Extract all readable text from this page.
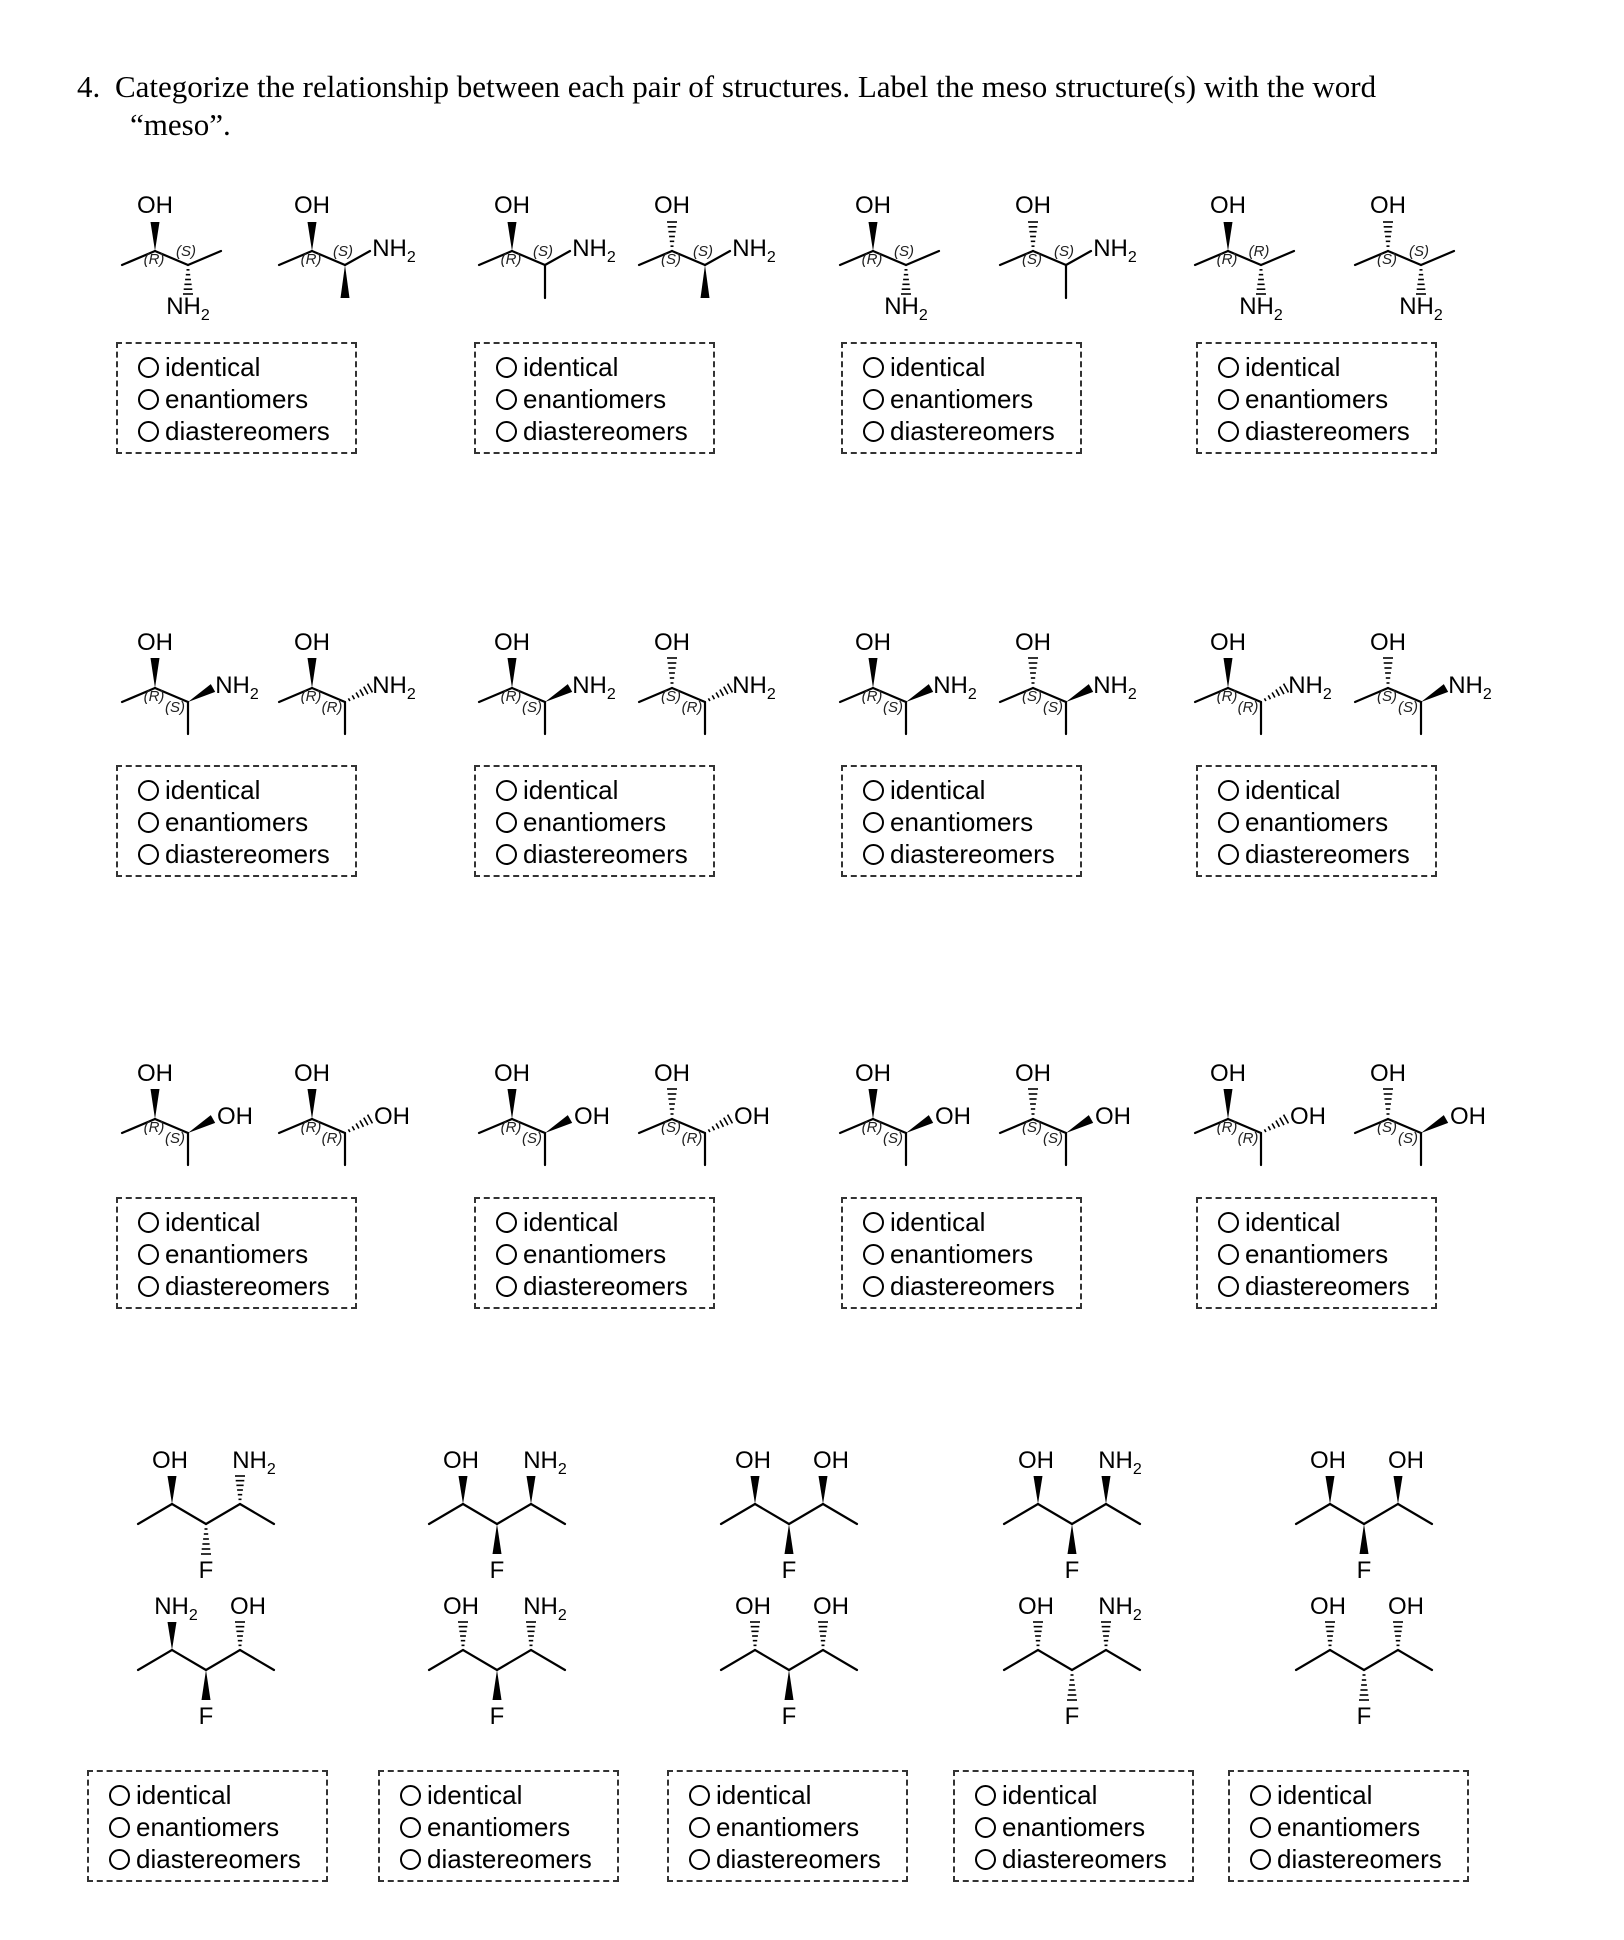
4. Categorize the relationship between each pair of structures. Label the meso structure(s) with the word
“meso”.
OH
(R) (S)
$NH_2$
OH
(R) (S) $NH_2$
OH
(R) (S) $NH_2$
OH
(S) (S) $NH_2$
OH
(R) (S)
$NH_2$
OH
(S) (S) $NH_2$
OH
(R) (R)
$NH_2$
OH
(S) (S)
$NH_2$
OH
(R)
(S)
$NH_2$
OH
(R)
(R)
$NH_2$
OH
(R)
(S)
$NH_2$
OH
(S)
(R)
$NH_2$
OH
(R)
(S)
$NH_2$
OH
(S)
(S)
$NH_2$
OH
(R)
(R)
$NH_2$
OH
(S)
(S)
$NH_2$
OH
(R)
(S)
OH
OH
(R)
(R)
OH
OH
(R)
(S)
OH
OH
(S)
(R)
OH
OH
(R)
(S)
OH
OH
(S)
(S)
OH
OH
(R)
(R)
OH
OH
(S)
(S)
OH
OH $NH_2$
F
$NH_2$ OH
F
OH $NH_2$
F
OH $NH_2$
F
OH OH
F
OH OH
F
OH $NH_2$
F
OH $NH_2$
F
OH OH
F
OH OH
F
identical
enantiomers
diastereomers
identical
enantiomers
diastereomers
identical
enantiomers
diastereomers
identical
enantiomers
diastereomers
identical
enantiomers
diastereomers
identical
enantiomers
diastereomers
identical
enantiomers
diastereomers
identical
enantiomers
diastereomers
identical
enantiomers
diastereomers
identical
enantiomers
diastereomers
identical
enantiomers
diastereomers
identical
enantiomers
diastereomers
identical
enantiomers
diastereomers
identical
enantiomers
diastereomers
identical
enantiomers
diastereomers
identical
enantiomers
diastereomers
identical
enantiomers
diastereomers
